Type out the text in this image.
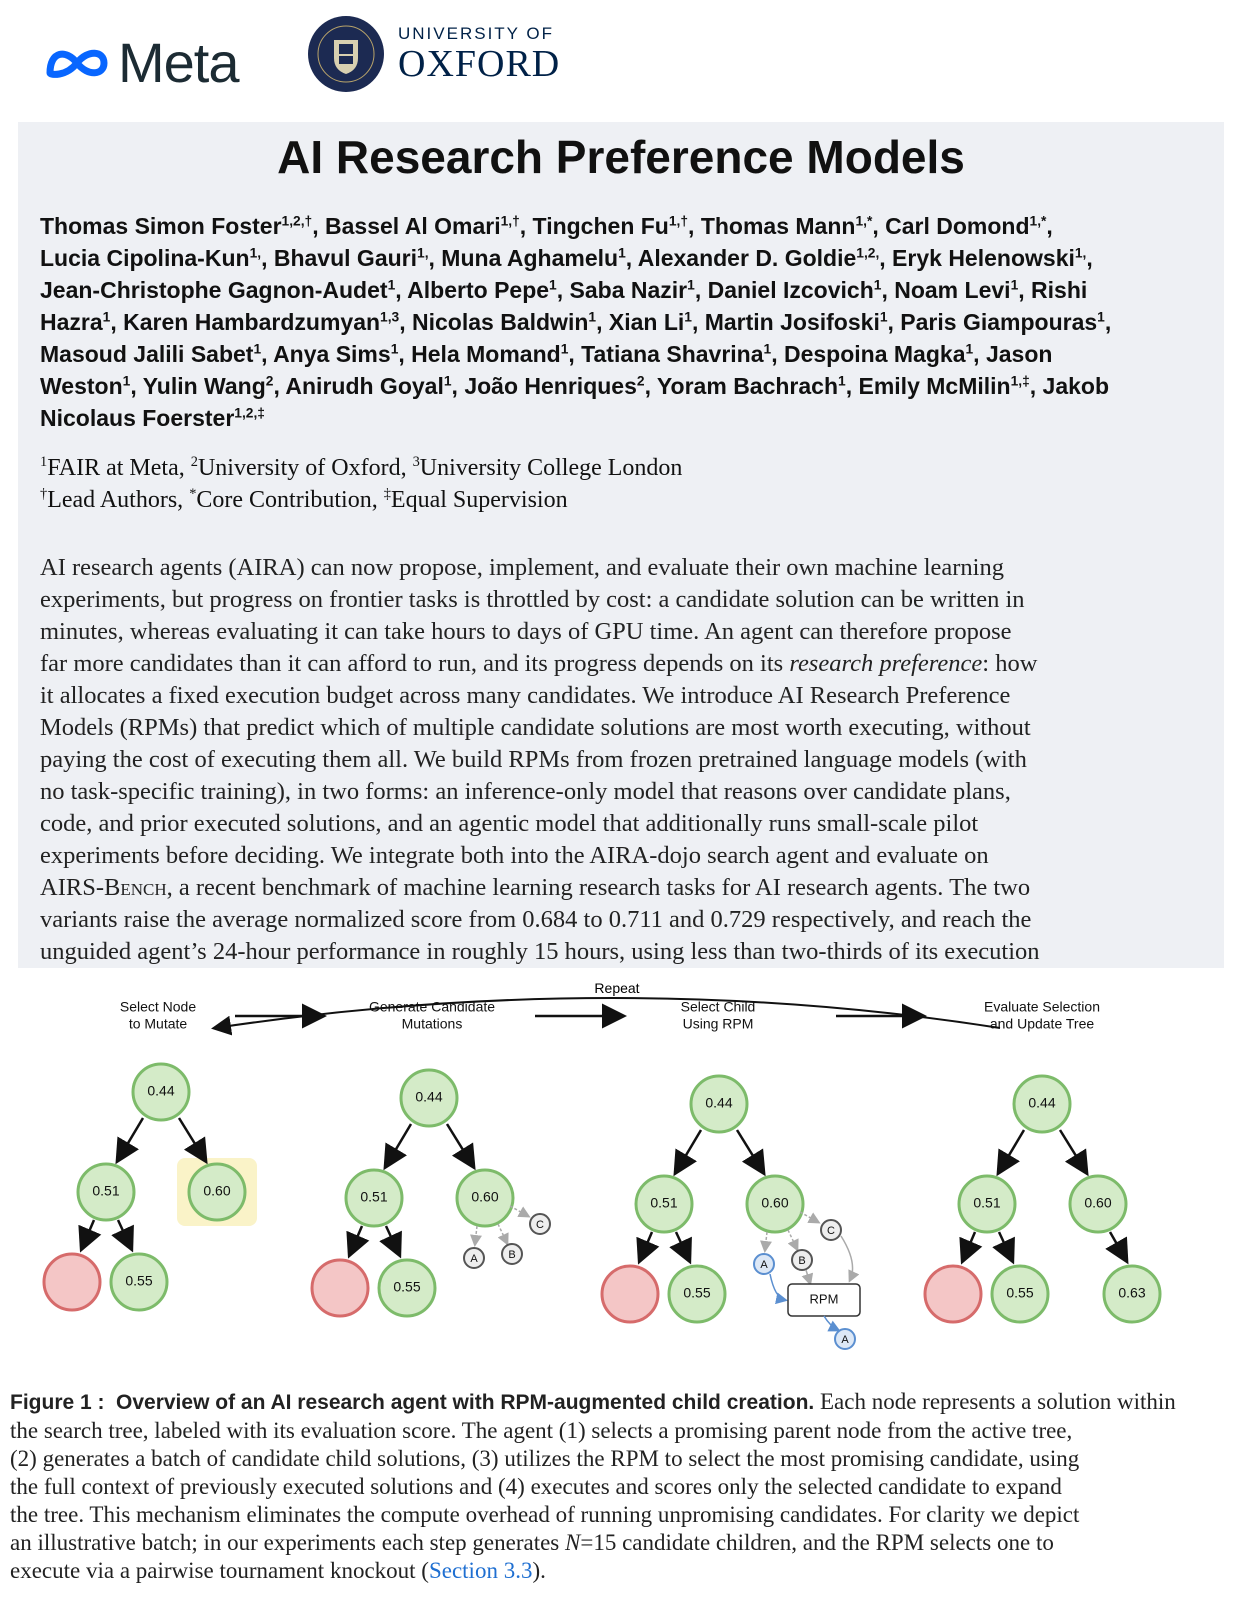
Meta	UNIVERSITY OF
OXFORD
AI Research Preference Models

Thomas Simon Foster$^{1,2,\dagger}$, Bassel Al Omari$^{1,\dagger}$, Tingchen $Fu^{1,\dagger}$, Thomas Mann$^{1,*}$, Carl Domond$^{1,*}$,

Lucia Cipolina-Kun$^{1,}$, Bhavul Gauri$^{1,}$, Muna Aghamelu$^1$, Alexander D. Goldie$^{1,2,}$, Eryk Helenowski$^{1,}$,

Jean-Christophe Gagnon-Audet$^1$, Alberto Pepe$^1$, Saba Nazir$^1$, Daniel Izcovich$^1$, Noam Levi$^1$, Rishi

Hazra$^1$, Karen Hambardzumyan$^{1,3}$, Nicolas Baldwin$^1$, Xian Li$^1$, Martin Josifoski$^1$, Paris Giampouras$^1$,

Masoud Jalili Sabet$^1$, Anya Sims$^1$, Hela Momand$^1$, Tatiana Shavrina$^1$, Despoina Magka$^1$, Jason

Weston$^1$, Yulin Wang$^2$, Anirudh Goyal$^1$, João Henriques$^2$, Yoram Bachrach$^1$, Emily McMilin$^{1,\ddagger}$, Jakob

Nicolaus Foerster$^{1,2,\ddagger}$

$^1$FAIR at Meta, $^2$University of Oxford, $^3$University College London

†Lead Authors, *Core Contribution, ‡Equal Supervision

AI research agents (AIRA) can now propose, implement, and evaluate their own machine learning

experiments, but progress on frontier tasks is throttled by cost: a candidate solution can be written in

minutes, whereas evaluating it can take hours to days of GPU time. An agent can therefore propose

far more candidates than it can afford to run, and its progress depends on its research preference: how

it allocates a fixed execution budget across many candidates. We introduce AI Research Preference

Models (RPMs) that predict which of multiple candidate solutions are most worth executing, without

paying the cost of executing them all. We build RPMs from frozen pretrained language models (with

no task-specific training), in two forms: an inference-only model that reasons over candidate plans,

code, and prior executed solutions, and an agentic model that additionally runs small-scale pilot

experiments before deciding. We integrate both into the AIRA-dojo search agent and evaluate on

AIRS-Bench, a recent benchmark of machine learning research tasks for AI research agents. The two

variants raise the average normalized score from 0.684 to 0.711 and 0.729 respectively, and reach the

unguided agent’s 24-hour performance in roughly 15 hours, using less than two-thirds of its execution

Repeat
Select Node
to Mutate
Generate Candidate
Mutations
Select Child
Using RPM
Evaluate Selection
and Update Tree
0.44
0.51	0.60
0.55
0.44
0.51	0.60
0.55
0.44
0.51	0.60
0.55
0.44
0.51	0.60
0.55	0.63
A	B
C
A	B
C
RPM
A

Figure 1 : Overview of an AI research agent with RPM-augmented child creation. Each node represents a solution within

the search tree, labeled with its evaluation score. The agent (1) selects a promising parent node from the active tree,

(2) generates a batch of candidate child solutions, (3) utilizes the RPM to select the most promising candidate, using

the full context of previously executed solutions and (4) executes and scores only the selected candidate to expand

the tree. This mechanism eliminates the compute overhead of running unpromising candidates. For clarity we depict

an illustrative batch; in our experiments each step generates N=15 candidate children, and the RPM selects one to

execute via a pairwise tournament knockout (Section 3.3).
